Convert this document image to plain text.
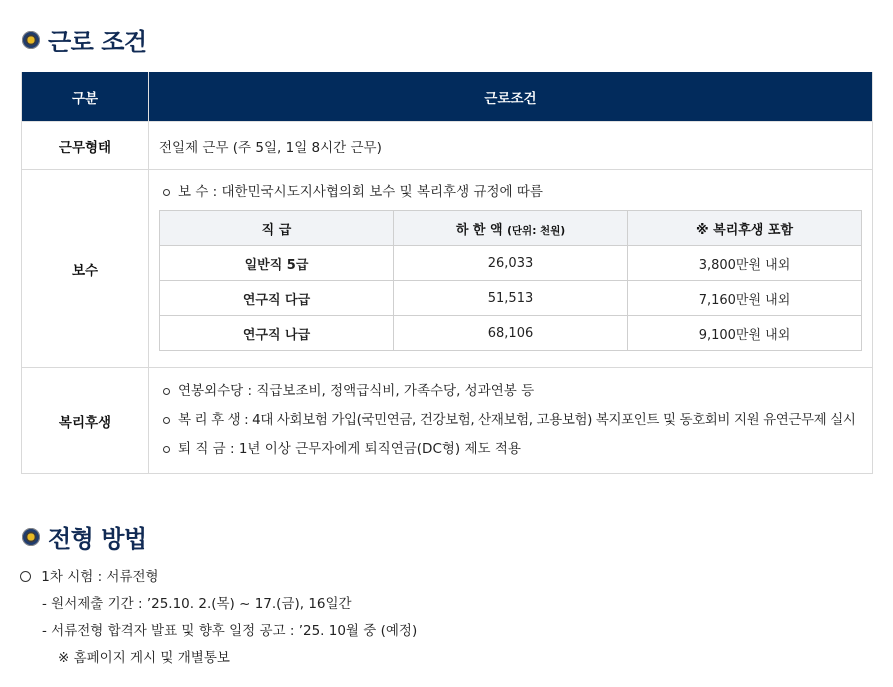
근로 조건
구분	근로조건
근무형태	전일제 근무 (주 5일, 1일 8시간 근무)
보수	
보 수 : 대한민국시도지사협의회 보수 및 복리후생 규정에 따름
직 급	하 한 액 (단위: 천원)	※ 복리후생 포함
일반직 5급	26,033	3,800만원 내외
연구직 다급	51,513	7,160만원 내외
연구직 나급	68,106	9,100만원 내외

복리후생	
연봉외수당 : 직급보조비, 정액급식비, 가족수당, 성과연봉 등
복 리 후 생 : 4대 사회보험 가입(국민연금, 건강보험, 산재보험, 고용보험) 복지포인트 및 동호회비 지원 유연근무제 실시
퇴 직 금 : 1년 이상 근무자에게 퇴직연금(DC형) 제도 적용
전형 방법
1차 시험 : 서류전형
- 원서제출 기간 : ’25.10. 2.(목) ~ 17.(금), 16일간
- 서류전형 합격자 발표 및 향후 일정 공고 : ’25. 10월 중 (예정)
※ 홈페이지 게시 및 개별통보
